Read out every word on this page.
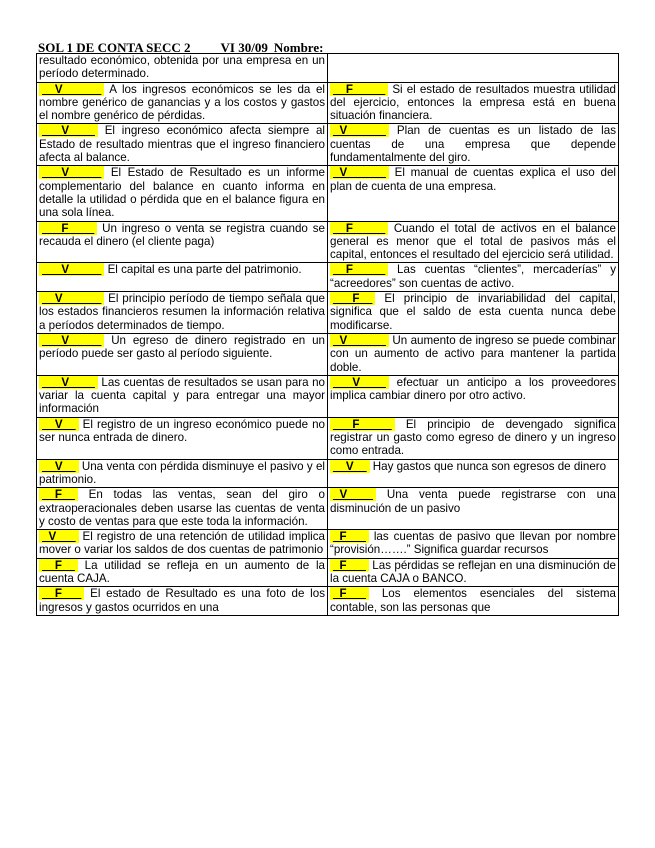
SOL 1 DE CONTA SECC 2 VI 30/09 Nombre:
resultado económico, obtenida por una empresa en un período determinado.	
__V______ A los ingresos económicos se les da el nombre genérico de ganancias y a los costos y gastos el nombre genérico de pérdidas.	__F_____ Si el estado de resultados muestra utilidad del ejercicio, entonces la empresa está en buena situación financiera.
___V____ El ingreso económico afecta siempre al Estado de resultado mientras que el ingreso financiero afecta al balance.	_V______ Plan de cuentas es un listado de las cuentas de una empresa que depende fundamentalmente del giro.
___V_____ El Estado de Resultado es un informe complementario del balance en cuanto informa en detalle la utilidad o pérdida que en el balance figura en una sola línea.	_V______ El manual de cuentas explica el uso del plan de cuenta de una empresa.
___F____ Un ingreso o venta se registra cuando se recauda el dinero (el cliente paga)	__F_____ Cuando el total de activos en el balance general es menor que el total de pasivos más el capital, entonces el resultado del ejercicio será utilidad.
___V_____ El capital es una parte del patrimonio.	__F_____ Las cuentas “clientes”, mercaderías” y “acreedores” son cuentas de activo.
__V______ El principio período de tiempo señala que los estados financieros resumen la información relativa a períodos determinados de tiempo.	___F__ El principio de invariabilidad del capital, significa que el saldo de esta cuenta nunca debe modificarse.
___V_____ Un egreso de dinero registrado en un período puede ser gasto al período siguiente.	_V______ Un aumento de ingreso se puede combinar con un aumento de activo para mantener la partida doble.
___V____ Las cuentas de resultados se usan para no variar la cuenta capital y para entregar una mayor información	___V____ efectuar un anticipo a los proveedores implica cambiar dinero por otro activo.
__V__ El registro de un ingreso económico puede no ser nunca entrada de dinero.	___F_____ El principio de devengado significa registrar un gasto como egreso de dinero y un ingreso como entrada.
__V__ Una venta con pérdida disminuye el pasivo y el patrimonio.	__V__ Hay gastos que nunca son egresos de dinero
__F__ En todas las ventas, sean del giro o extraoperacionales deben usarse las cuentas de venta y costo de ventas para que este toda la información.	_V____ Una venta puede registrarse con una disminución de un pasivo
_V___ El registro de una retención de utilidad implica mover o variar los saldos de dos cuentas de patrimonio	_F___ las cuentas de pasivo que llevan por nombre “provisión…….” Significa guardar recursos
__F__ La utilidad se refleja en un aumento de la cuenta CAJA.	_F___ Las pérdidas se reflejan en una disminución de la cuenta CAJA o BANCO.
__F___ El estado de Resultado es una foto de los ingresos y gastos ocurridos en una	_F___ Los elementos esenciales del sistema contable, son las personas que
